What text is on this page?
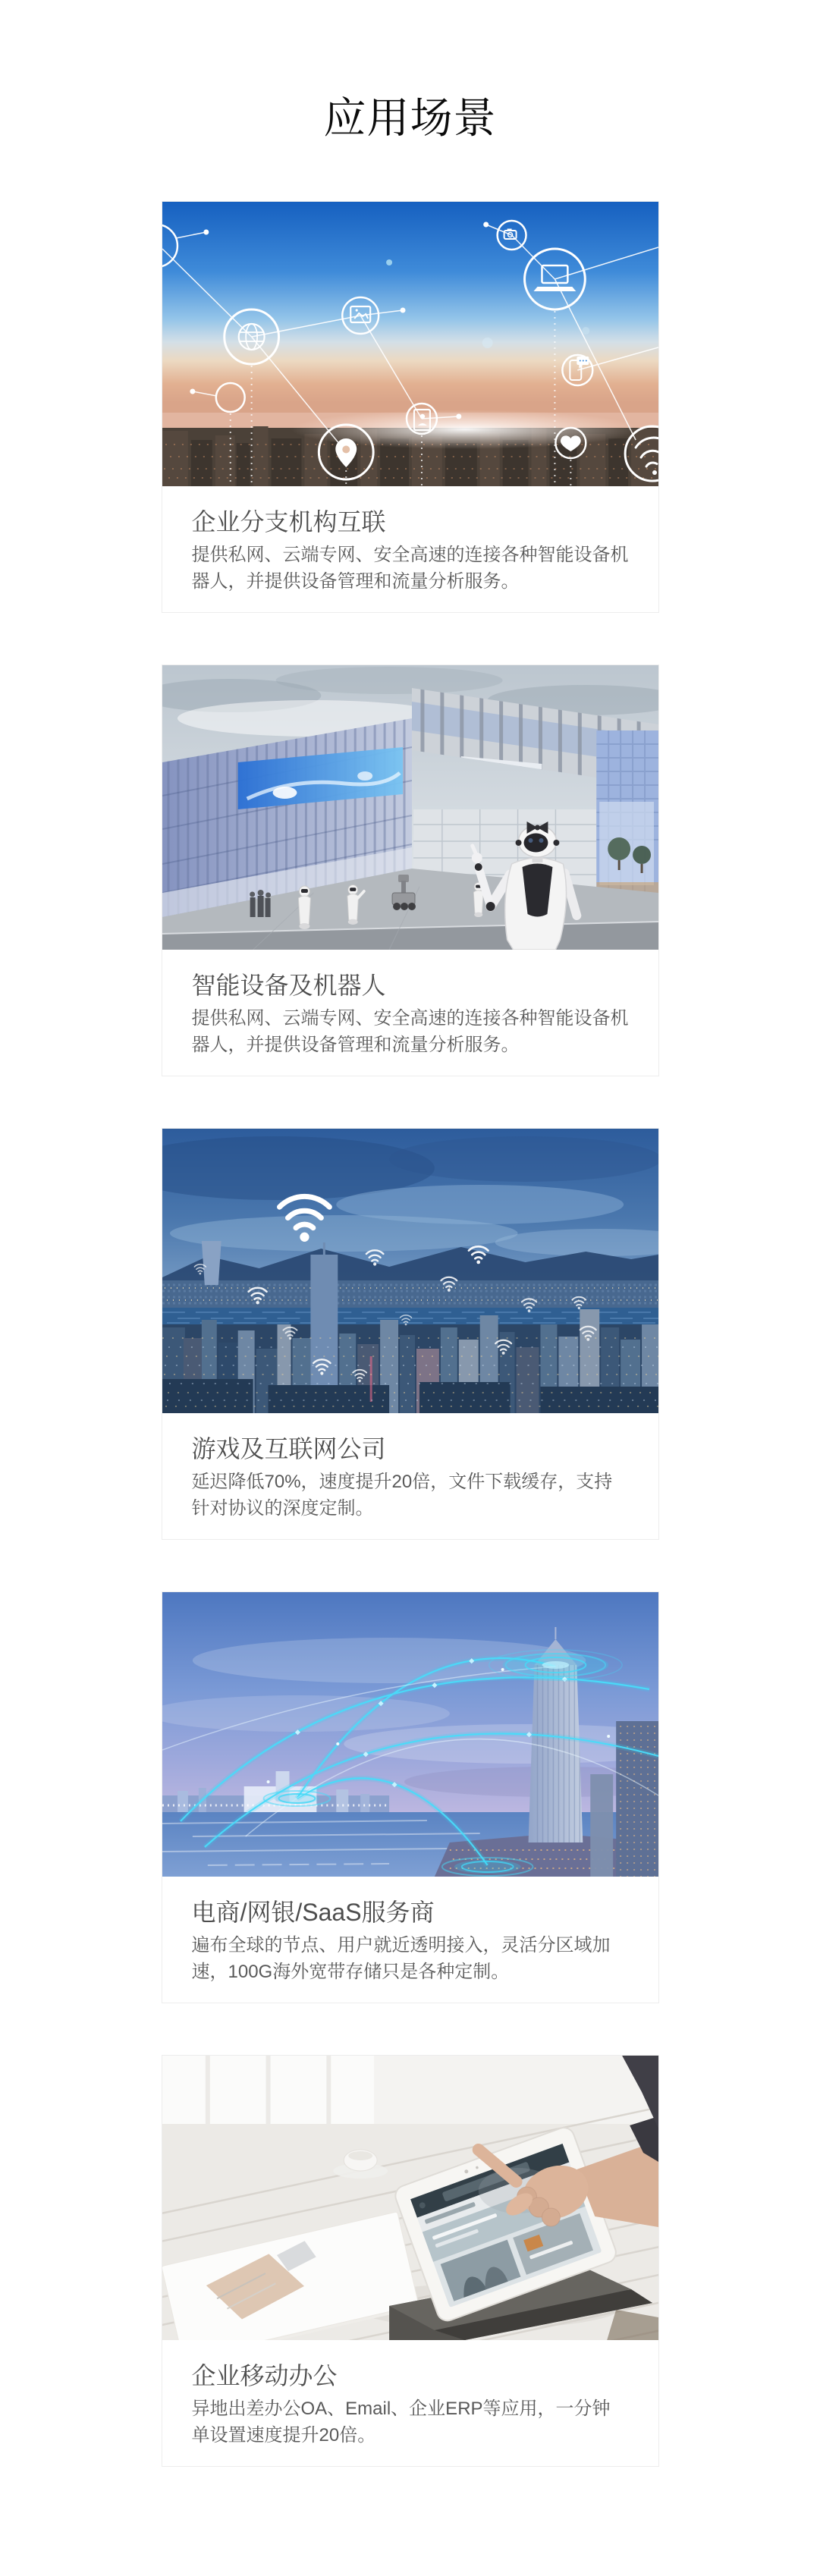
应用场景
企业分支机构互联

提供私网、云端专网、安全高速的连接各种智能设备机器人，并提供设备管理和流量分析服务。

智能设备及机器人

提供私网、云端专网、安全高速的连接各种智能设备机器人，并提供设备管理和流量分析服务。

游戏及互联网公司

延迟降低70%，速度提升20倍，文件下载缓存，支持针对协议的深度定制。

电商/网银/SaaS服务商

遍布全球的节点、用户就近透明接入，灵活分区域加速，100G海外宽带存储只是各种定制。

企业移动办公

异地出差办公OA、Email、企业ERP等应用，一分钟单设置速度提升20倍。
